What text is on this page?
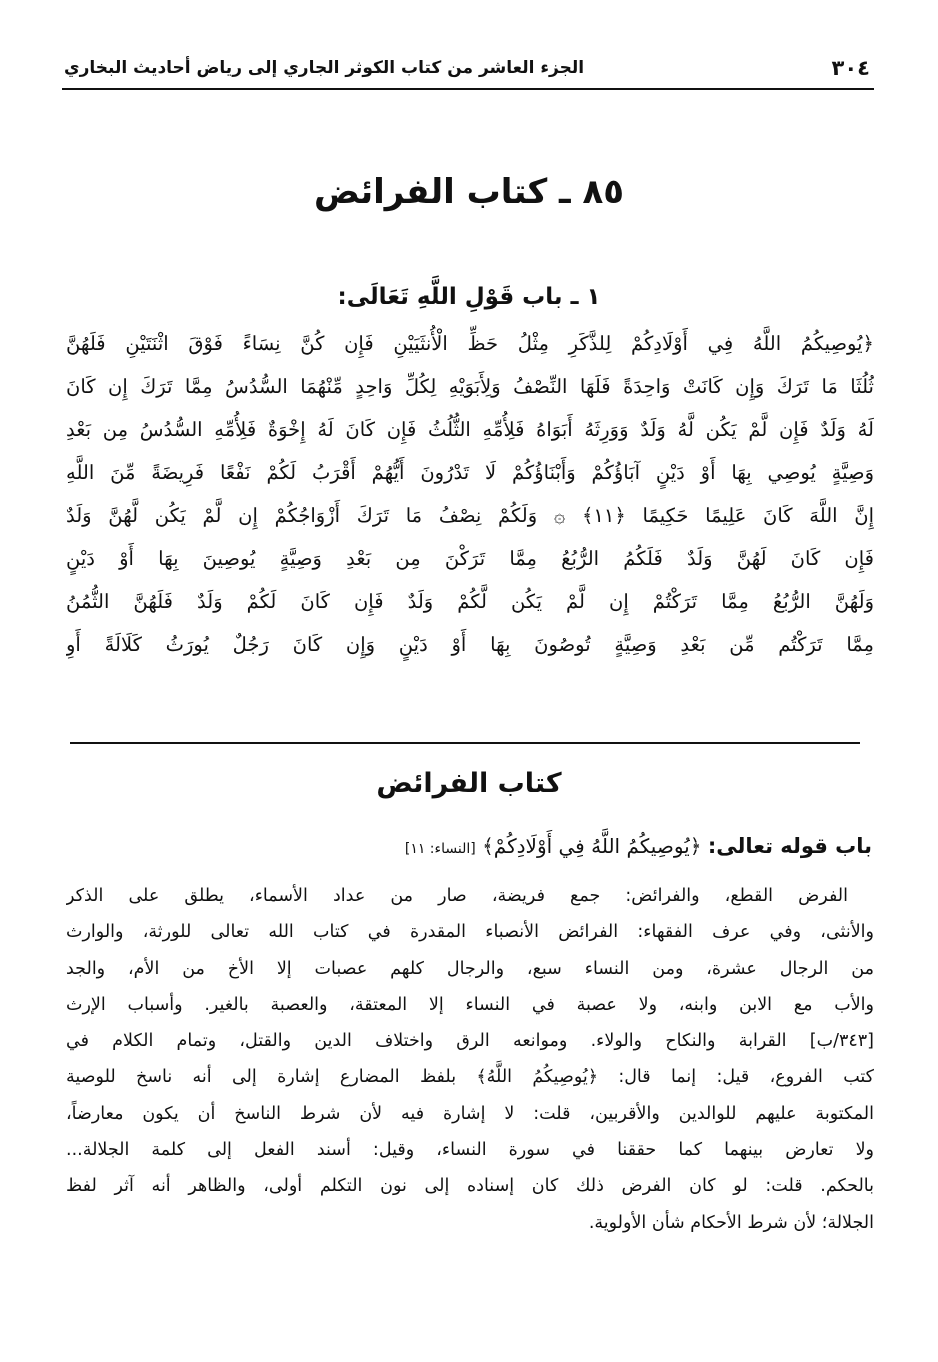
٣٠٤
الجزء العاشر من كتاب الكوثر الجاري إلى رياض أحاديث البخاري
٨٥ ـ كتاب الفرائض
١ ـ باب قَوْلِ اللَّهِ تَعَالَى:
﴿يُوصِيكُمُ اللَّهُ فِي أَوْلَادِكُمْ لِلذَّكَرِ مِثْلُ حَظِّ الْأُنثَيَيْنِ فَإِن كُنَّ نِسَاءً فَوْقَ اثْنَتَيْنِ فَلَهُنَّ
ثُلُثَا مَا تَرَكَ وَإِن كَانَتْ وَاحِدَةً فَلَهَا النِّصْفُ وَلِأَبَوَيْهِ لِكُلِّ وَاحِدٍ مِّنْهُمَا السُّدُسُ مِمَّا تَرَكَ إِن كَانَ
لَهُ وَلَدٌ فَإِن لَّمْ يَكُن لَّهُ وَلَدٌ وَوَرِثَهُ أَبَوَاهُ فَلِأُمِّهِ الثُّلُثُ فَإِن كَانَ لَهُ إِخْوَةٌ فَلِأُمِّهِ السُّدُسُ مِن بَعْدِ
وَصِيَّةٍ يُوصِي بِهَا أَوْ دَيْنٍ آبَاؤُكُمْ وَأَبْنَاؤُكُمْ لَا تَدْرُونَ أَيُّهُمْ أَقْرَبُ لَكُمْ نَفْعًا فَرِيضَةً مِّنَ اللَّهِ
إِنَّ اللَّهَ كَانَ عَلِيمًا حَكِيمًا ﴿١١﴾ ۞ وَلَكُمْ نِصْفُ مَا تَرَكَ أَزْوَاجُكُمْ إِن لَّمْ يَكُن لَّهُنَّ وَلَدٌ
فَإِن كَانَ لَهُنَّ وَلَدٌ فَلَكُمُ الرُّبُعُ مِمَّا تَرَكْنَ مِن بَعْدِ وَصِيَّةٍ يُوصِينَ بِهَا أَوْ دَيْنٍ
وَلَهُنَّ الرُّبُعُ مِمَّا تَرَكْتُمْ إِن لَّمْ يَكُن لَّكُمْ وَلَدٌ فَإِن كَانَ لَكُمْ وَلَدٌ فَلَهُنَّ الثُّمُنُ
مِمَّا تَرَكْتُم مِّن بَعْدِ وَصِيَّةٍ تُوصُونَ بِهَا أَوْ دَيْنٍ وَإِن كَانَ رَجُلٌ يُورَثُ كَلَالَةً أَوِ
كتاب الفرائض
باب قوله تعالى: ﴿يُوصِيكُمُ اللَّهُ فِي أَوْلَادِكُمْ﴾ [النساء: ١١]
الفرض القطع، والفرائض: جمع فريضة، صار من عداد الأسماء، يطلق على الذكر
والأنثى، وفي عرف الفقهاء: الفرائض الأنصباء المقدرة في كتاب الله تعالى للورثة، والوارث
من الرجال عشرة، ومن النساء سبع، والرجال كلهم عصبات إلا الأخ من الأم، والجد
والأب مع الابن وابنه، ولا عصبة في النساء إلا المعتقة، والعصبة بالغير. وأسباب الإرث
[٣٤٣/ب] القرابة والنكاح والولاء. وموانعه الرق واختلاف الدين والقتل، وتمام الكلام في
كتب الفروع، قيل: إنما قال: ﴿يُوصِيكُمُ اللَّهُ﴾ بلفظ المضارع إشارة إلى أنه ناسخ للوصية
المكتوبة عليهم للوالدين والأقربين، قلت: لا إشارة فيه لأن شرط الناسخ أن يكون معارضاً،
ولا تعارض بينهما كما حققنا في سورة النساء، وقيل: أسند الفعل إلى كلمة الجلالة...
بالحكم. قلت: لو كان الفرض ذلك كان إسناده إلى نون التكلم أولى، والظاهر أنه آثر لفظ
الجلالة؛ لأن شرط الأحكام شأن الأولوية.
